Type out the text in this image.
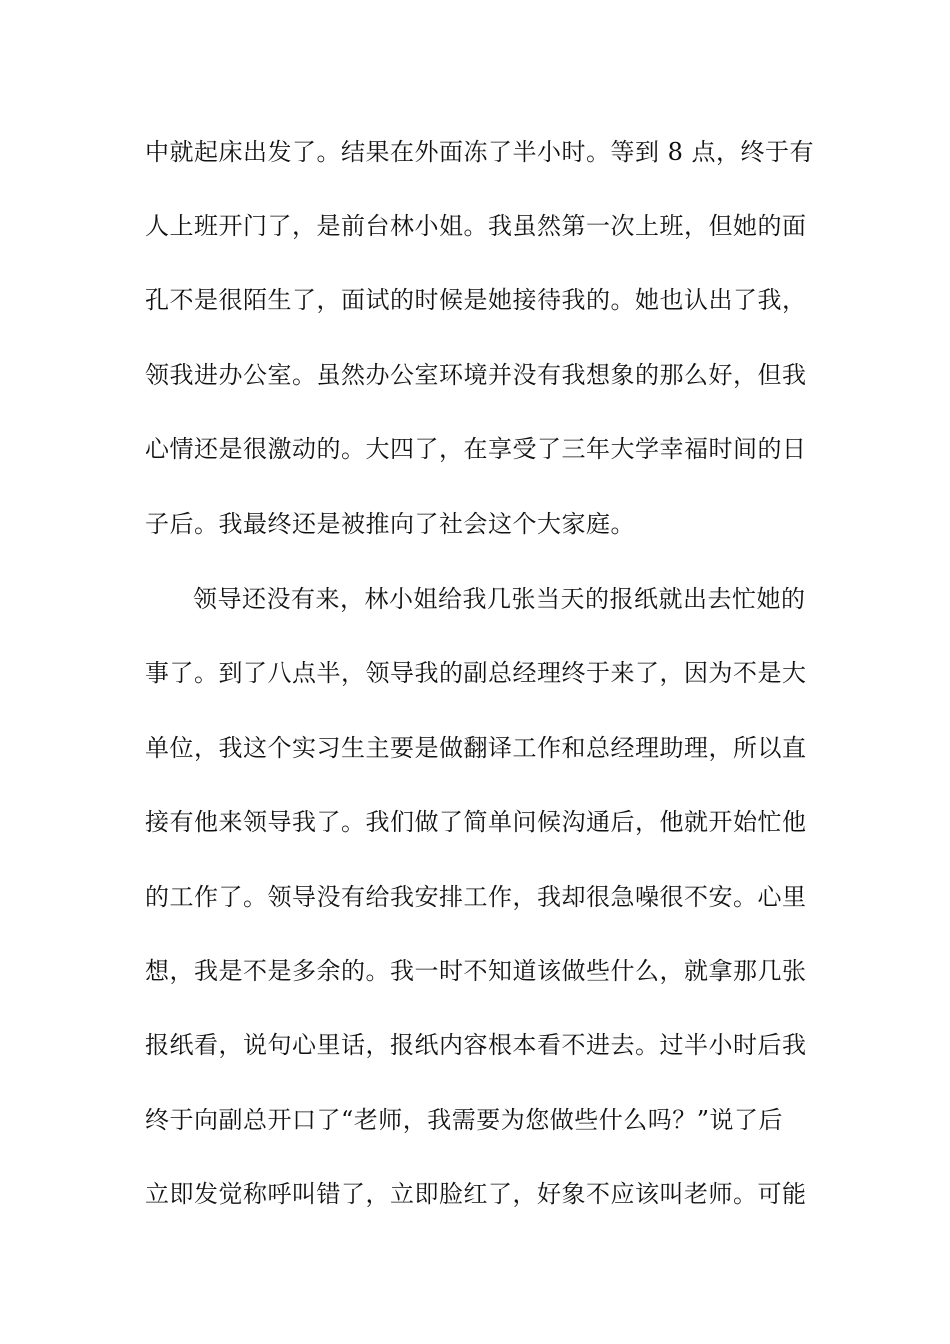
中就起床出发了。结果在外面冻了半小时。等到 8 点，终于有
人上班开门了，是前台林小姐。我虽然第一次上班，但她的面
孔不是很陌生了，面试的时候是她接待我的。她也认出了我，
领我进办公室。虽然办公室环境并没有我想象的那么好，但我
心情还是很激动的。大四了，在享受了三年大学幸福时间的日
子后。我最终还是被推向了社会这个大家庭。
领导还没有来，林小姐给我几张当天的报纸就出去忙她的
事了。到了八点半，领导我的副总经理终于来了，因为不是大
单位，我这个实习生主要是做翻译工作和总经理助理，所以直
接有他来领导我了。我们做了简单问候沟通后，他就开始忙他
的工作了。领导没有给我安排工作，我却很急噪很不安。心里
想，我是不是多余的。我一时不知道该做些什么，就拿那几张
报纸看，说句心里话，报纸内容根本看不进去。过半小时后我
终于向副总开口了“老师，我需要为您做些什么吗？”说了后
立即发觉称呼叫错了，立即脸红了，好象不应该叫老师。可能
